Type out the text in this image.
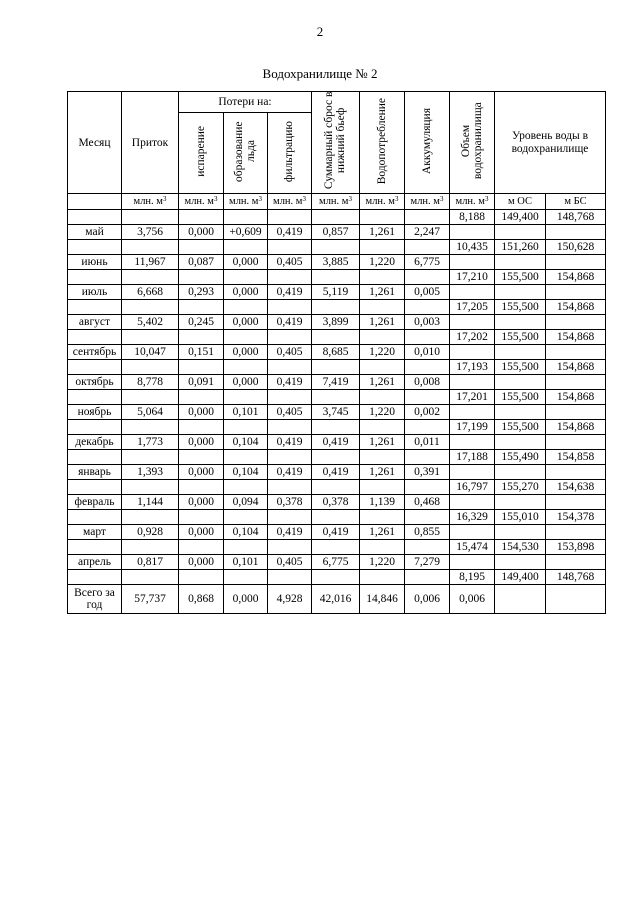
2
Водохранилище № 2
Месяц	Приток	Потери на:			Суммарный сброс в нижний бьеф	Водопотребление	Аккумуляция	Объем водохранилища	Уровень воды в водохранилище	
		испарение	образование льда	фильтрацию						
	млн. $м^3$	млн. $м^3$	млн. $м^3$	млн. $м^3$	млн. $м^3$	млн. $м^3$	млн. $м^3$	млн. $м^3$	м ОС	м БС
								8,188	149,400	148,768
май	3,756	0,000	+0,609	0,419	0,857	1,261	2,247			
								10,435	151,260	150,628
июнь	11,967	0,087	0,000	0,405	3,885	1,220	6,775			
								17,210	155,500	154,868
июль	6,668	0,293	0,000	0,419	5,119	1,261	0,005			
								17,205	155,500	154,868
август	5,402	0,245	0,000	0,419	3,899	1,261	0,003			
								17,202	155,500	154,868
сентябрь	10,047	0,151	0,000	0,405	8,685	1,220	0,010			
								17,193	155,500	154,868
октябрь	8,778	0,091	0,000	0,419	7,419	1,261	0,008			
								17,201	155,500	154,868
ноябрь	5,064	0,000	0,101	0,405	3,745	1,220	0,002			
								17,199	155,500	154,868
декабрь	1,773	0,000	0,104	0,419	0,419	1,261	0,011			
								17,188	155,490	154,858
январь	1,393	0,000	0,104	0,419	0,419	1,261	0,391			
								16,797	155,270	154,638
февраль	1,144	0,000	0,094	0,378	0,378	1,139	0,468			
								16,329	155,010	154,378
март	0,928	0,000	0,104	0,419	0,419	1,261	0,855			
								15,474	154,530	153,898
апрель	0,817	0,000	0,101	0,405	6,775	1,220	7,279			
								8,195	149,400	148,768
Всего за год	57,737	0,868	0,000	4,928	42,016	14,846	0,006	0,006		
